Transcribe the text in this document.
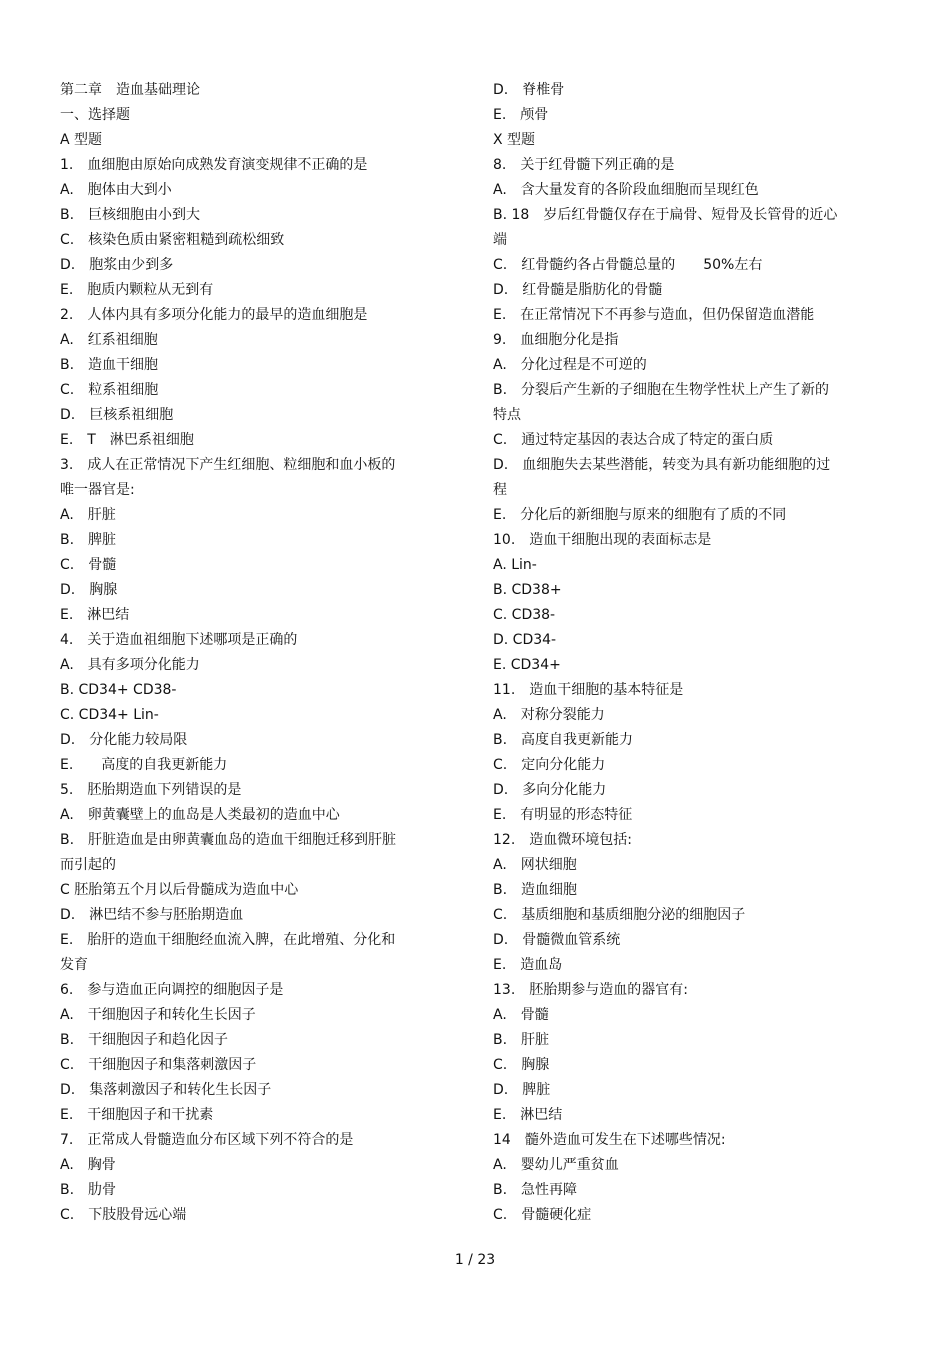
第二章　造血基础理论
一、选择题
A 型题
1.　血细胞由原始向成熟发育演变规律不正确的是
A.　胞体由大到小
B.　巨核细胞由小到大
C.　核染色质由紧密粗糙到疏松细致
D.　胞浆由少到多
E.　胞质内颗粒从无到有
2.　人体内具有多项分化能力的最早的造血细胞是
A.　红系祖细胞
B.　造血干细胞
C.　粒系祖细胞
D.　巨核系祖细胞
E.　T　淋巴系祖细胞
3.　成人在正常情况下产生红细胞、粒细胞和血小板的
唯一器官是:
A.　肝脏
B.　脾脏
C.　骨髓
D.　胸腺
E.　淋巴结
4.　关于造血祖细胞下述哪项是正确的
A.　具有多项分化能力
B. CD34+ CD38-
C. CD34+ Lin-
D.　分化能力较局限
E.　　高度的自我更新能力
5.　胚胎期造血下列错误的是
A.　卵黄囊壁上的血岛是人类最初的造血中心
B.　肝脏造血是由卵黄囊血岛的造血干细胞迁移到肝脏
而引起的
C 胚胎第五个月以后骨髓成为造血中心
D.　淋巴结不参与胚胎期造血
E.　胎肝的造血干细胞经血流入脾，在此增殖、分化和
发育
6.　参与造血正向调控的细胞因子是
A.　干细胞因子和转化生长因子
B.　干细胞因子和趋化因子
C.　干细胞因子和集落刺激因子
D.　集落刺激因子和转化生长因子
E.　干细胞因子和干扰素
7.　正常成人骨髓造血分布区域下列不符合的是
A.　胸骨
B.　肋骨
C.　下肢股骨远心端
D.　脊椎骨
E.　颅骨
X 型题
8.　关于红骨髓下列正确的是
A.　含大量发育的各阶段血细胞而呈现红色
B. 18　岁后红骨髓仅存在于扁骨、短骨及长管骨的近心
端
C.　红骨髓约各占骨髓总量的　　50%左右
D.　红骨髓是脂肪化的骨髓
E.　在正常情况下不再参与造血，但仍保留造血潜能
9.　血细胞分化是指
A.　分化过程是不可逆的
B.　分裂后产生新的子细胞在生物学性状上产生了新的
特点
C.　通过特定基因的表达合成了特定的蛋白质
D.　血细胞失去某些潜能，转变为具有新功能细胞的过
程
E.　分化后的新细胞与原来的细胞有了质的不同
10.　造血干细胞出现的表面标志是
A. Lin-
B. CD38+
C. CD38-
D. CD34-
E. CD34+
11.　造血干细胞的基本特征是
A.　对称分裂能力
B.　高度自我更新能力
C.　定向分化能力
D.　多向分化能力
E.　有明显的形态特征
12.　造血微环境包括:
A.　网状细胞
B.　造血细胞
C.　基质细胞和基质细胞分泌的细胞因子
D.　骨髓微血管系统
E.　造血岛
13.　胚胎期参与造血的器官有:
A.　骨髓
B.　肝脏
C.　胸腺
D.　脾脏
E.　淋巴结
14　髓外造血可发生在下述哪些情况:
A.　婴幼儿严重贫血
B.　急性再障
C.　骨髓硬化症
1 / 23
